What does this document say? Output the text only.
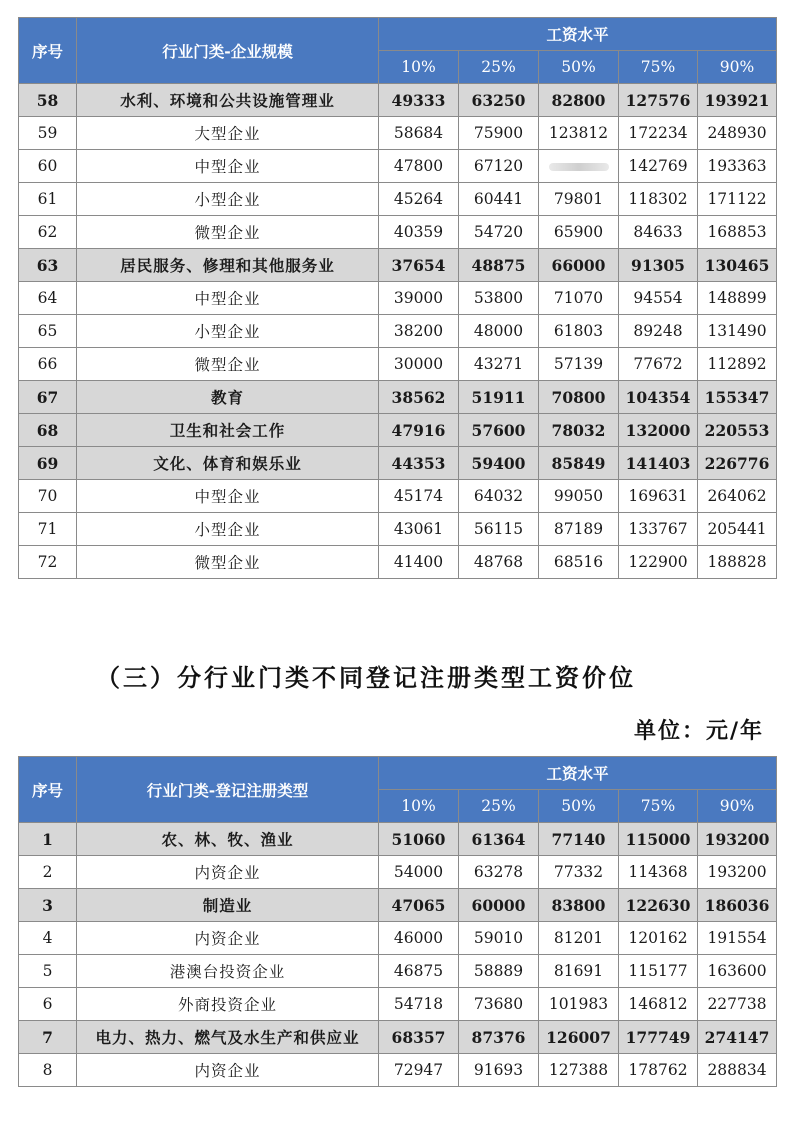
序号	行业门类-企业规模	工资水平				
		10%	25%	50%	75%	90%
58	水利、环境和公共设施管理业	49333	63250	82800	127576	193921
59	大型企业	58684	75900	123812	172234	248930
60	中型企业	47800	67120		142769	193363
61	小型企业	45264	60441	79801	118302	171122
62	微型企业	40359	54720	65900	84633	168853
63	居民服务、修理和其他服务业	37654	48875	66000	91305	130465
64	中型企业	39000	53800	71070	94554	148899
65	小型企业	38200	48000	61803	89248	131490
66	微型企业	30000	43271	57139	77672	112892
67	教育	38562	51911	70800	104354	155347
68	卫生和社会工作	47916	57600	78032	132000	220553
69	文化、体育和娱乐业	44353	59400	85849	141403	226776
70	中型企业	45174	64032	99050	169631	264062
71	小型企业	43061	56115	87189	133767	205441
72	微型企业	41400	48768	68516	122900	188828
（三）分行业门类不同登记注册类型工资价位
单位：元/年
序号	行业门类-登记注册类型	工资水平				
		10%	25%	50%	75%	90%
1	农、林、牧、渔业	51060	61364	77140	115000	193200
2	内资企业	54000	63278	77332	114368	193200
3	制造业	47065	60000	83800	122630	186036
4	内资企业	46000	59010	81201	120162	191554
5	港澳台投资企业	46875	58889	81691	115177	163600
6	外商投资企业	54718	73680	101983	146812	227738
7	电力、热力、燃气及水生产和供应业	68357	87376	126007	177749	274147
8	内资企业	72947	91693	127388	178762	288834
